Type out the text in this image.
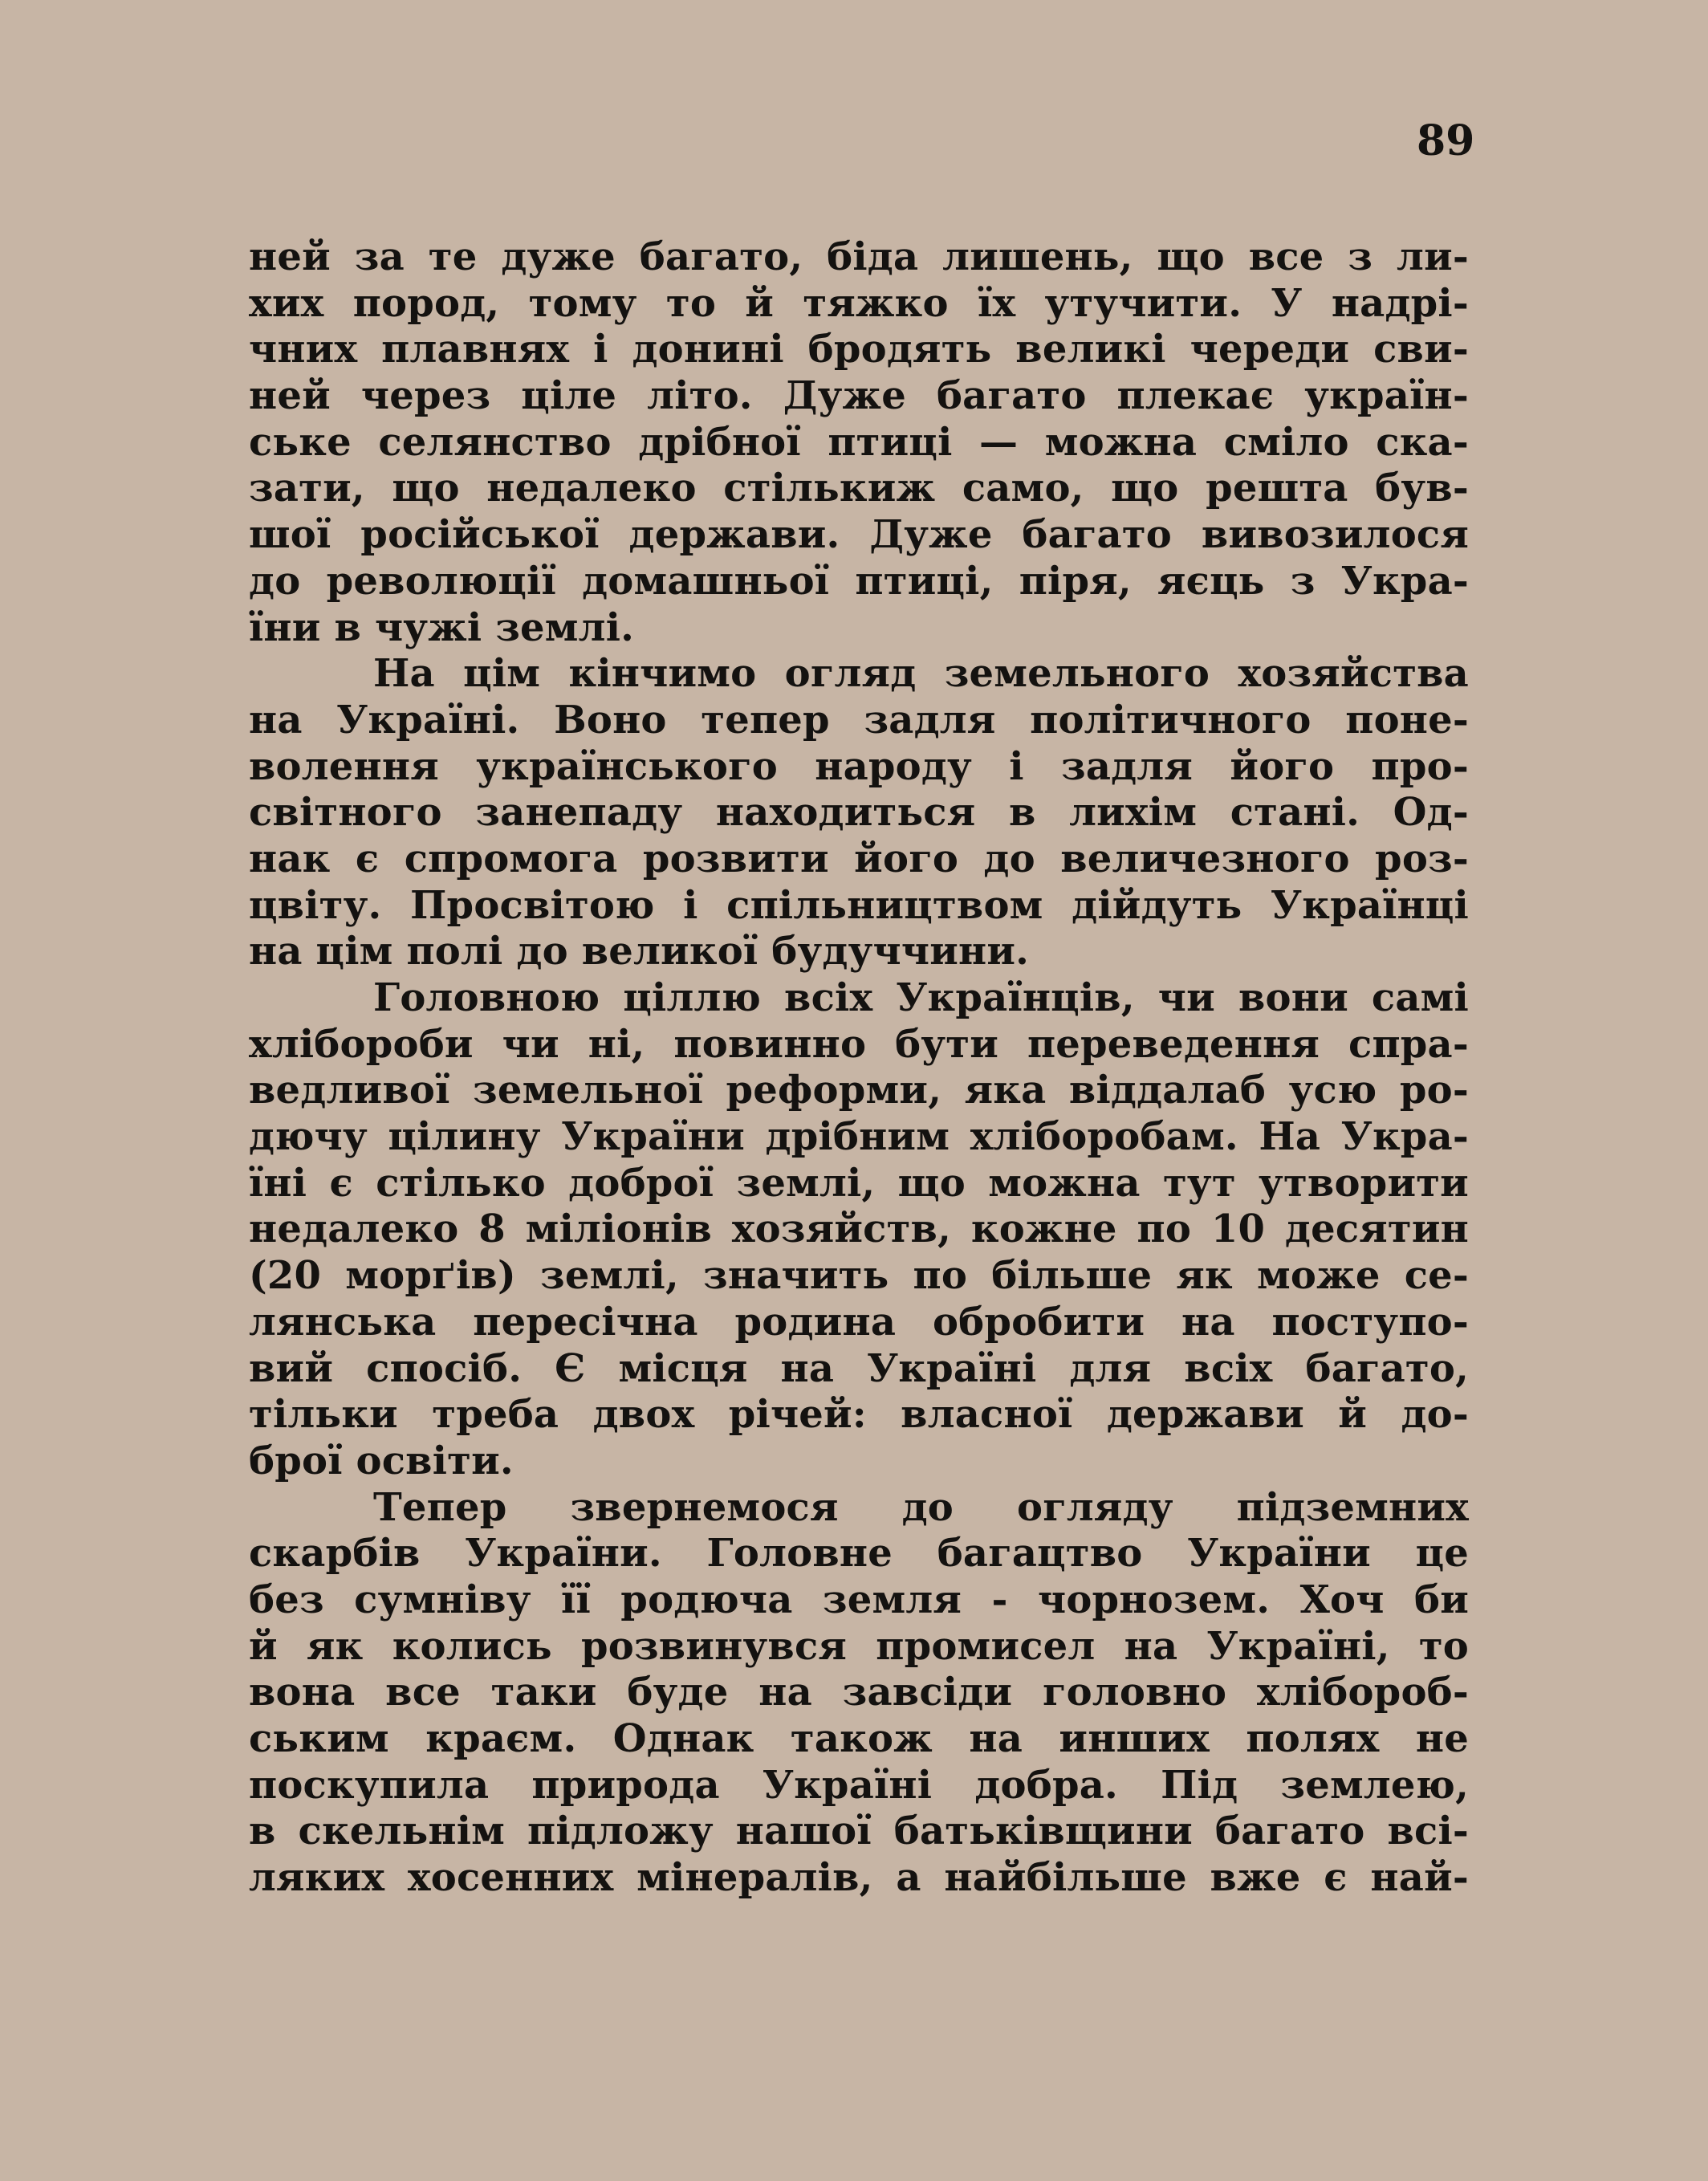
89
ней за те дуже багато, біда лишень, що все з ли-
хих пород, тому то й тяжко їх утучити. У надрі-
чних плавнях і донині бродять великі череди сви-
ней через ціле літо. Дуже багато плекає україн-
ське селянство дрібної птиці — можна сміло ска-
зати, що недалеко стількиж само, що решта був-
шої російської держави. Дуже багато вивозилося
до революції домашньої птиці, піря, яєць з Укра-
їни в чужі землі.
На цім кінчимо огляд земельного хозяйства
на Україні. Воно тепер задля політичного поне-
волення українського народу і задля його про-
світного занепаду находиться в лихім стані. Од-
нак є спромога розвити його до величезного роз-
цвіту. Просвітою і спільництвом дійдуть Українці
на цім полі до великої будуччини.
Головною ціллю всіх Українців, чи вони самі
хлібороби чи ні, повинно бути переведення спра-
ведливої земельної реформи, яка віддалаб усю ро-
дючу цілину України дрібним хліборобам. На Укра-
їні є стілько доброї землі, що можна тут утворити
недалеко 8 міліонів хозяйств, кожне по 10 десятин
(20 морґів) землі, значить по більше як може се-
лянська пересічна родина обробити на поступо-
вий спосіб. Є місця на Україні для всіх багато,
тільки треба двох річей: власної держави й до-
брої освіти.
Тепер звернемося до огляду підземних
скарбів України. Головне багацтво України це
без сумніву її родюча земля - чорнозем. Хоч би
й як колись розвинувся промисел на Україні, то
вона все таки буде на завсіди головно хлібороб-
ським краєм. Однак також на инших полях не
поскупила природа Україні добра. Під землею,
в скельнім підложу нашої батьківщини багато всі-
ляких хосенних мінералів, а найбільше вже є най-
